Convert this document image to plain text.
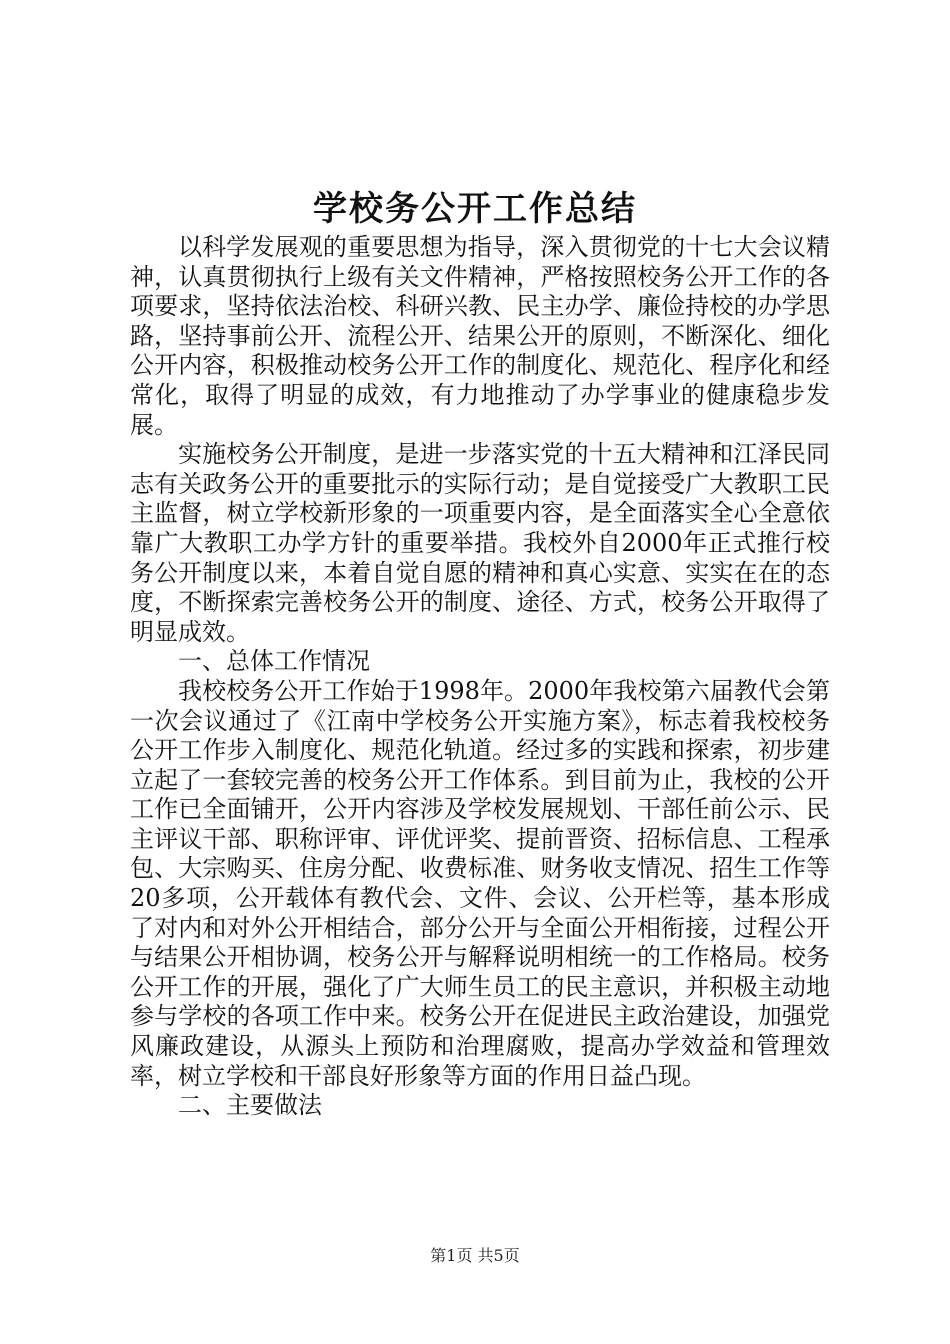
学校务公开工作总结

以科学发展观的重要思想为指导，深入贯彻党的十七大会议精神，认真贯彻执行上级有关文件精神，严格按照校务公开工作的各项要求，坚持依法治校、科研兴教、民主办学、廉俭持校的办学思路，坚持事前公开、流程公开、结果公开的原则，不断深化、细化公开内容，积极推动校务公开工作的制度化、规范化、程序化和经常化，取得了明显的成效，有力地推动了办学事业的健康稳步发展。

实施校务公开制度，是进一步落实党的十五大精神和江泽民同志有关政务公开的重要批示的实际行动；是自觉接受广大教职工民主监督，树立学校新形象的一项重要内容，是全面落实全心全意依靠广大教职工办学方针的重要举措。我校外自2000年正式推行校务公开制度以来，本着自觉自愿的精神和真心实意、实实在在的态度，不断探索完善校务公开的制度、途径、方式，校务公开取得了明显成效。

一、总体工作情况

我校校务公开工作始于1998年。2000年我校第六届教代会第一次会议通过了《江南中学校务公开实施方案》，标志着我校校务公开工作步入制度化、规范化轨道。经过多的实践和探索，初步建立起了一套较完善的校务公开工作体系。到目前为止，我校的公开工作已全面铺开，公开内容涉及学校发展规划、干部任前公示、民主评议干部、职称评审、评优评奖、提前晋资、招标信息、工程承包、大宗购买、住房分配、收费标准、财务收支情况、招生工作等20多项，公开载体有教代会、文件、会议、公开栏等，基本形成了对内和对外公开相结合，部分公开与全面公开相衔接，过程公开与结果公开相协调，校务公开与解释说明相统一的工作格局。校务公开工作的开展，强化了广大师生员工的民主意识，并积极主动地参与学校的各项工作中来。校务公开在促进民主政治建设，加强党风廉政建设，从源头上预防和治理腐败，提高办学效益和管理效率，树立学校和干部良好形象等方面的作用日益凸现。

二、主要做法

第1页 共5页
